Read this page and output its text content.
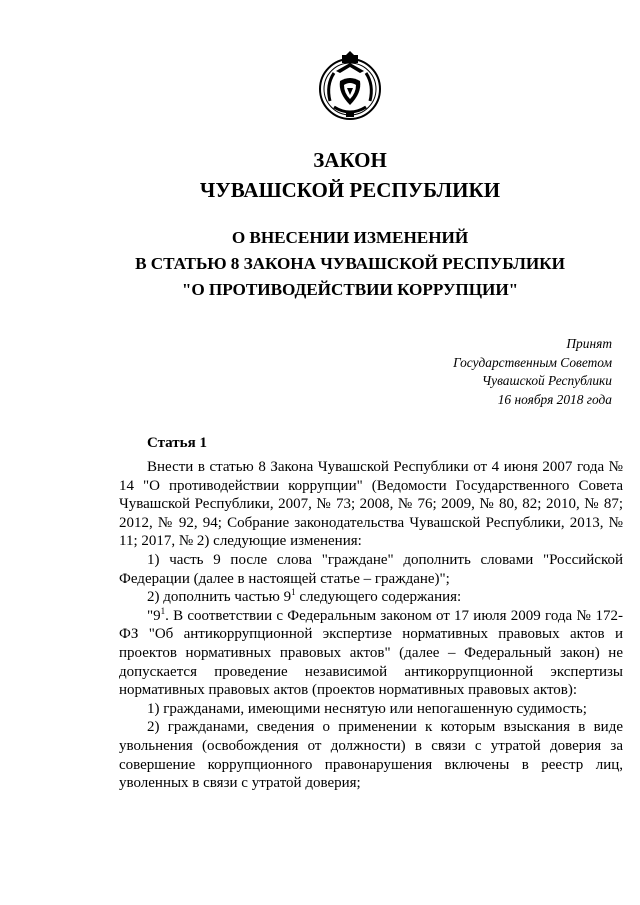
ЗАКОН
ЧУВАШСКОЙ РЕСПУБЛИКИ
О ВНЕСЕНИИ ИЗМЕНЕНИЙ
В СТАТЬЮ 8 ЗАКОНА ЧУВАШСКОЙ РЕСПУБЛИКИ
"О ПРОТИВОДЕЙСТВИИ КОРРУПЦИИ"
Принят
Государственным Советом
Чувашской Республики
16 ноября 2018 года

Статья 1

Внести в статью 8 Закона Чувашской Республики от 4 июня 2007 года № 14 "О противодействии коррупции" (Ведомости Государственного Совета Чувашской Республики, 2007, № 73; 2008, № 76; 2009, № 80, 82; 2010, № 87; 2012, № 92, 94; Собрание законодательства Чувашской Республики, 2013, № 11; 2017, № 2) следующие изменения:

1) часть 9 после слова "граждане" дополнить словами "Российской Федерации (далее в настоящей статье – граждане)";

2) дополнить частью $9^1$ следующего содержания:

"$9^1$. В соответствии с Федеральным законом от 17 июля 2009 года № 172-ФЗ "Об антикоррупционной экспертизе нормативных правовых актов и проектов нормативных правовых актов" (далее – Федеральный закон) не допускается проведение независимой антикоррупционной экспертизы нормативных правовых актов (проектов нормативных правовых актов):

1) гражданами, имеющими неснятую или непогашенную судимость;

2) гражданами, сведения о применении к которым взыскания в виде увольнения (освобождения от должности) в связи с утратой доверия за совершение коррупционного правонарушения включены в реестр лиц, уволенных в связи с утратой доверия;
